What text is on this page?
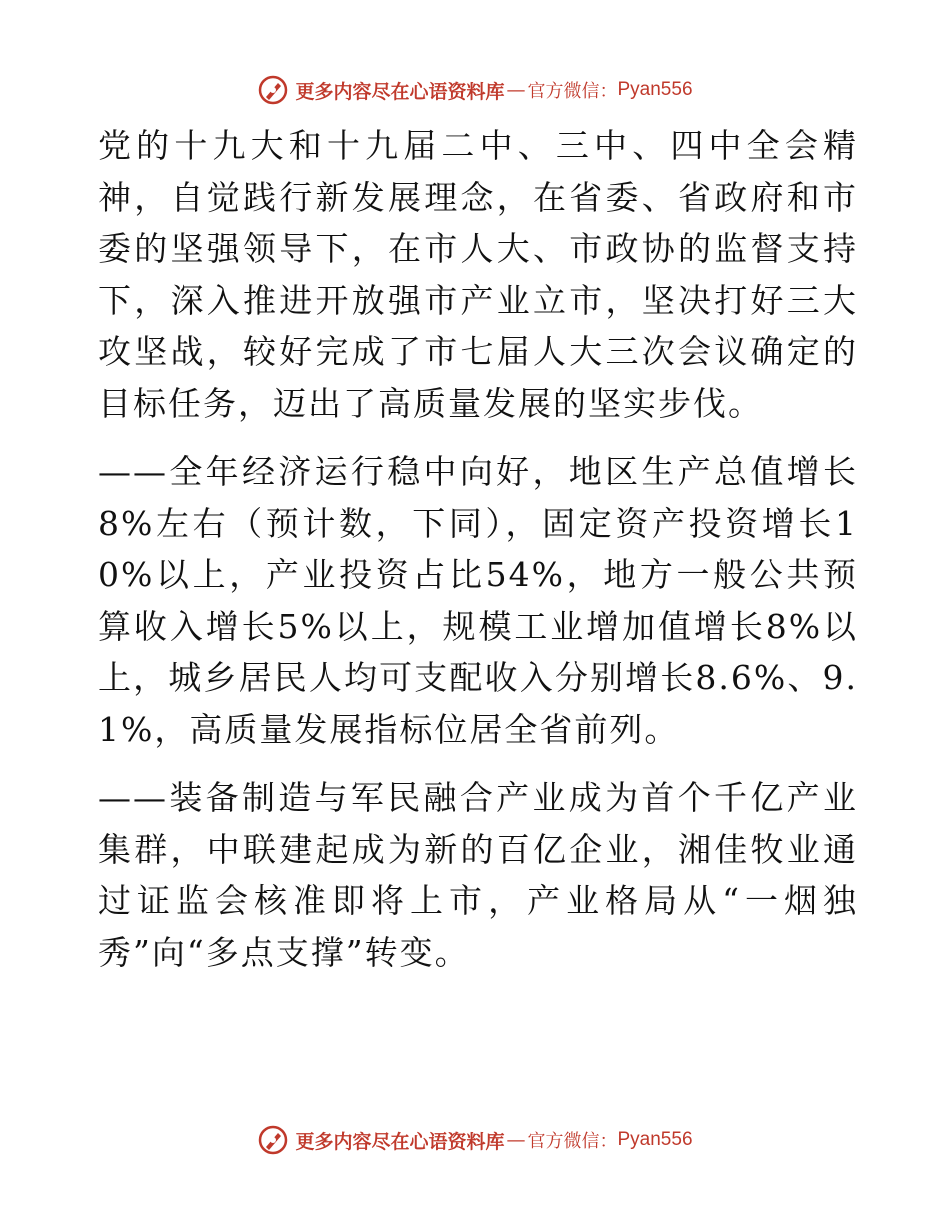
更多内容尽在心语资料库 — 官方微信： Pyan556

党的十九大和十九届二中、三中、四中全会精神，自觉践行新发展理念，在省委、省政府和市委的坚强领导下，在市人大、市政协的监督支持下，深入推进开放强市产业立市，坚决打好三大攻坚战，较好完成了市七届人大三次会议确定的目标任务，迈出了高质量发展的坚实步伐。

——全年经济运行稳中向好，地区生产总值增长8%左右（预计数，下同），固定资产投资增长10%以上，产业投资占比54%，地方一般公共预算收入增长5%以上，规模工业增加值增长8%以上，城乡居民人均可支配收入分别增长8.6%、9.1%，高质量发展指标位居全省前列。

——装备制造与军民融合产业成为首个千亿产业集群，中联建起成为新的百亿企业，湘佳牧业通过证监会核准即将上市，产业格局从“一烟独秀”向“多点支撑”转变。

更多内容尽在心语资料库 — 官方微信： Pyan556
